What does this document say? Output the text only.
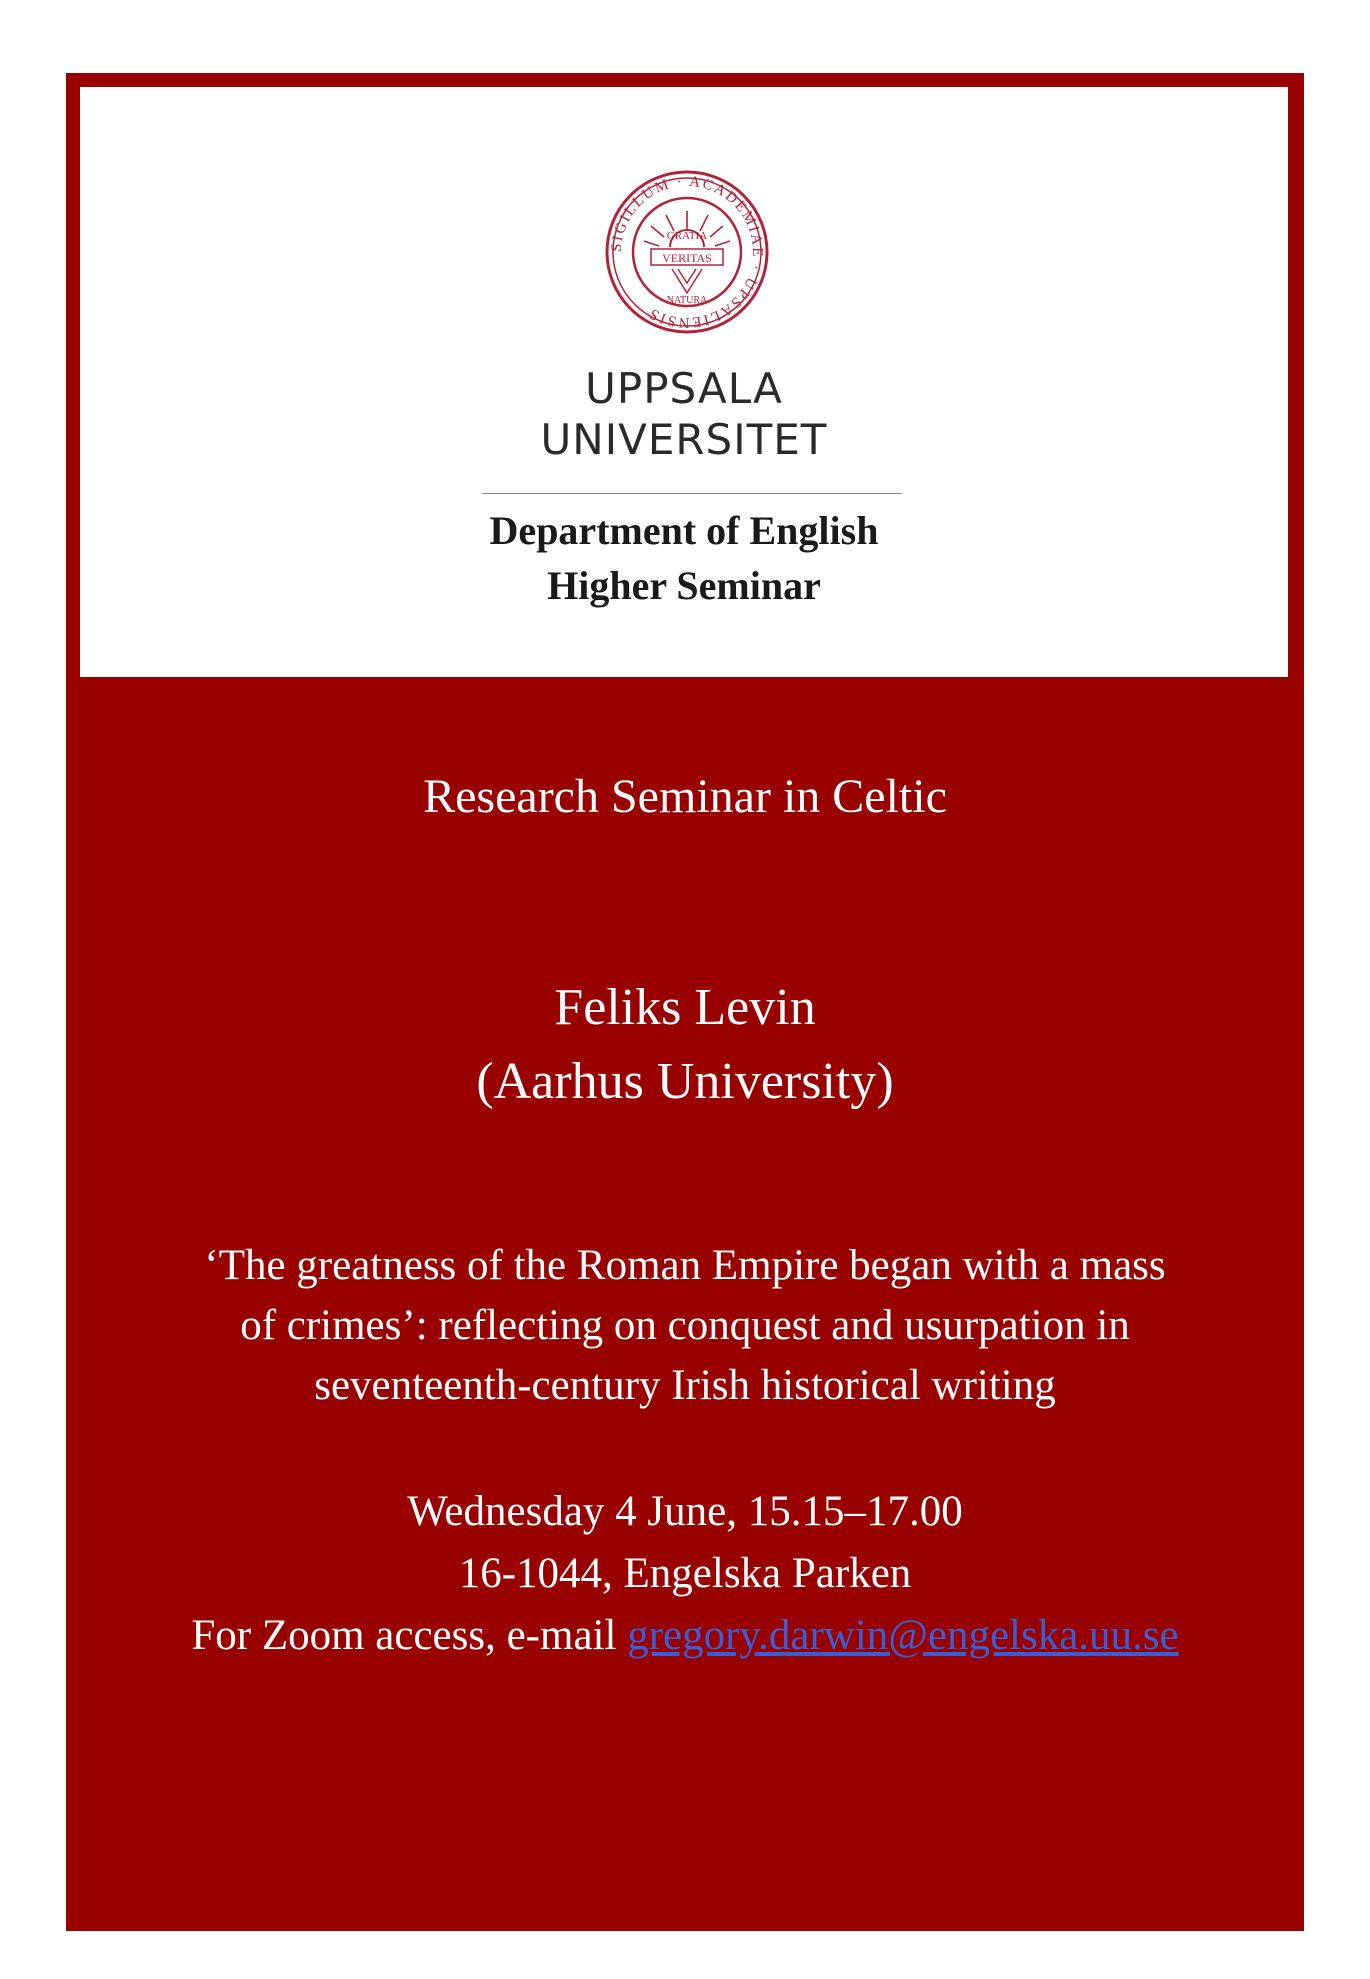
SIGILLUM · ACADEMIAE · UPSALIENSIS
GRATIA
VERITAS
NATURA

UPPSALA

UNIVERSITET

Department of English

Higher Seminar

Research Seminar in Celtic

Feliks Levin
(Aarhus University)

‘The greatness of the Roman Empire began with a mass
of crimes’: reflecting on conquest and usurpation in
seventeenth-century Irish historical writing

Wednesday 4 June, 15.15–17.00
16-1044, Engelska Parken
For Zoom access, e-mail gregory.darwin@engelska.uu.se
